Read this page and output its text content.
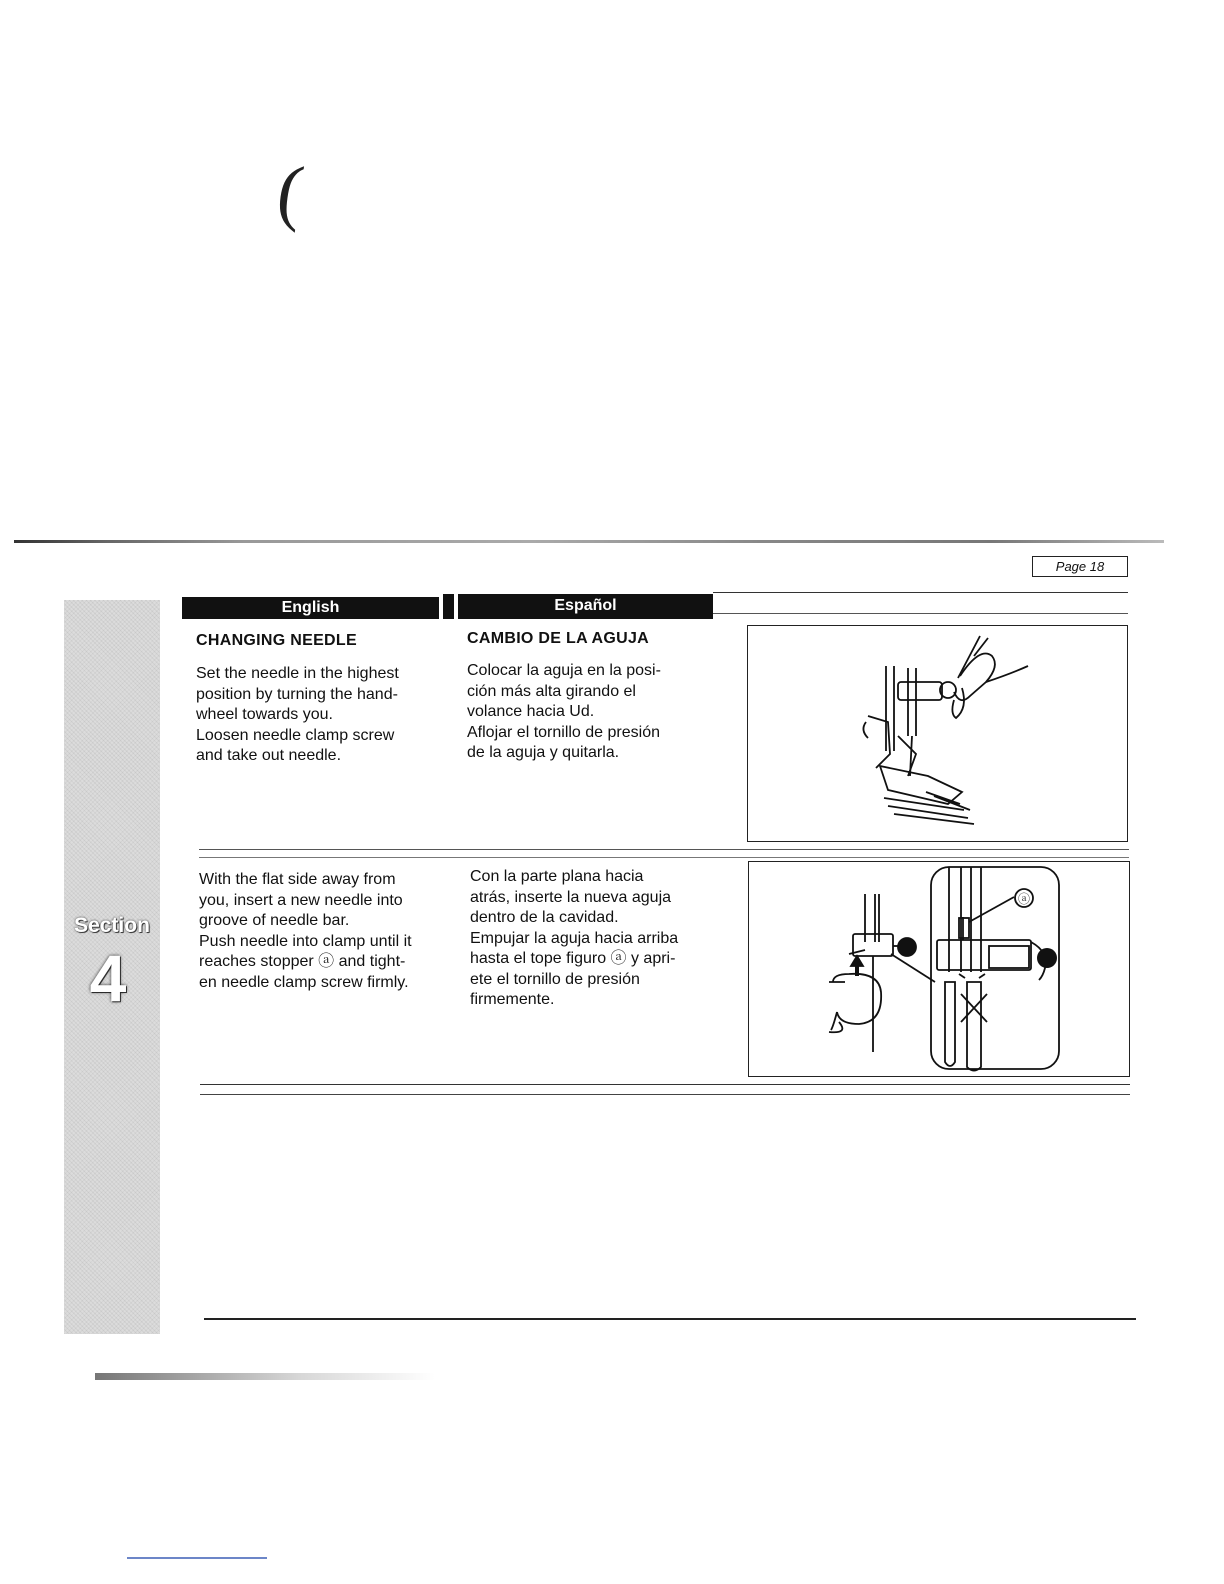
(
Page 18
Section
4
English	Español
CHANGING NEEDLE
Set the needle in the highest
position by turning the hand-
wheel towards you.
Loosen needle clamp screw
and take out needle.
CAMBIO DE LA AGUJA
Colocar la aguja en la posi-
ción más alta girando el
volance hacia Ud.
Aflojar el tornillo de presión
de la aguja y quitarla.
With the flat side away from
you, insert a new needle into
groove of needle bar.
Push needle into clamp until it
reaches stopper ⓐ and tight-
en needle clamp screw firmly.
Con la parte plana hacia
atrás, inserte la nueva aguja
dentro de la cavidad.
Empujar la aguja hacia arriba
hasta el tope figuro ⓐ y apri-
ete el tornillo de presión
firmemente.
ⓐ
